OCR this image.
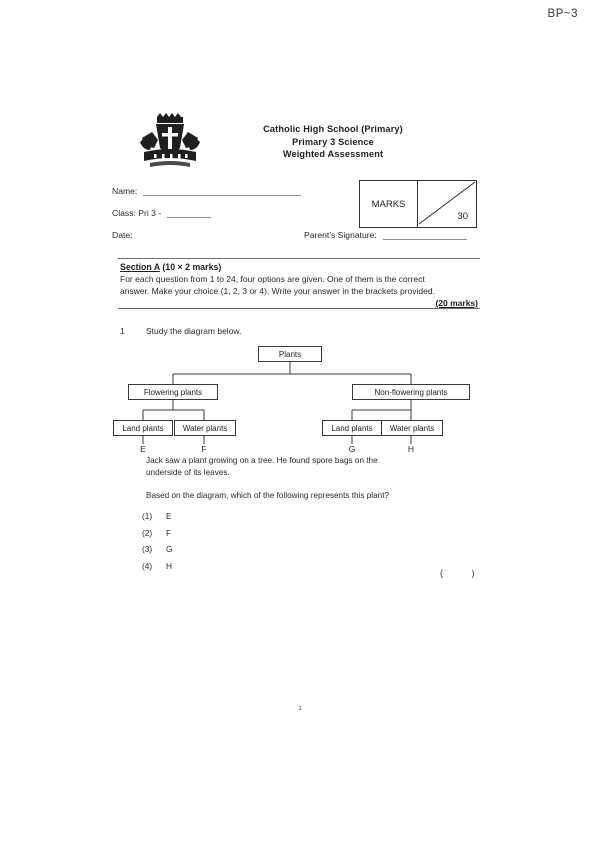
BP~3
Catholic High School (Primary)
Primary 3 Science
Weighted Assessment
Name:
Class: Pri 3 -
Date:	Parent's Signature:
MARKS
30
Section A (10 × 2 marks)
For each question from 1 to 24, four options are given. One of them is the correct
answer. Make your choice (1, 2, 3 or 4). Write your answer in the brackets provided.
(20 marks)
1	Study the diagram below.
Plants
Flowering plants	Non-flowering plants
Land plants	Water plants	Land plants	Water plants
E	F	G	H
Jack saw a plant growing on a tree. He found spore bags on the
underside of its leaves.
Based on the diagram, which of the following represents this plant?
(1)	E
(2)	F
(3)	G
(4)	H
( )
1
